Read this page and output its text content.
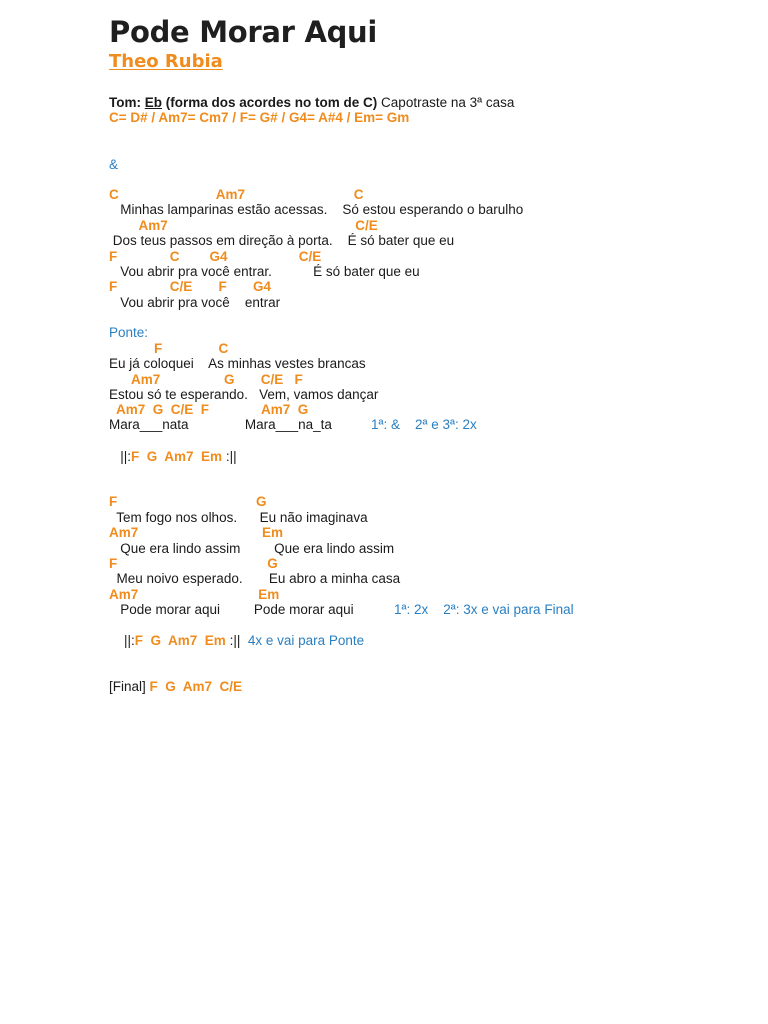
Pode Morar Aqui
Theo Rubia
Tom: Eb (forma dos acordes no tom de C) Capotraste na 3ª casa
C= D# / Am7= Cm7 / F= G# / G4= A#4 / Em= Gm
&
C                          Am7                             C
Minhas lamparinas estão acessas.    Só estou esperando o barulho
Am7                                                  C/E
Dos teus passos em direção à porta.    É só bater que eu
F              C        G4                   C/E
Vou abrir pra você entrar.           É só bater que eu
F              C/E       F       G4
Vou abrir pra você    entrar
Ponte:
F               C
Eu já coloquei    As minhas vestes brancas
Am7                 G       C/E   F
Estou só te esperando.   Vem, vamos dançar
Am7  G  C/E  F              Am7  G
Mara___nata               Mara___na_ta	1ª: &    2ª e 3ª: 2x
||:F  G  Am7  Em :||
F                                     G
Tem fogo nos olhos.      Eu não imaginava
Am7                                 Em
Que era lindo assim         Que era lindo assim
F                                        G
Meu noivo esperado.       Eu abro a minha casa
Am7                                Em
Pode morar aqui         Pode morar aqui	1ª: 2x    2ª: 3x e vai para Final
||:F  G  Am7  Em :||  4x e vai para Ponte
[Final] F  G  Am7  C/E
